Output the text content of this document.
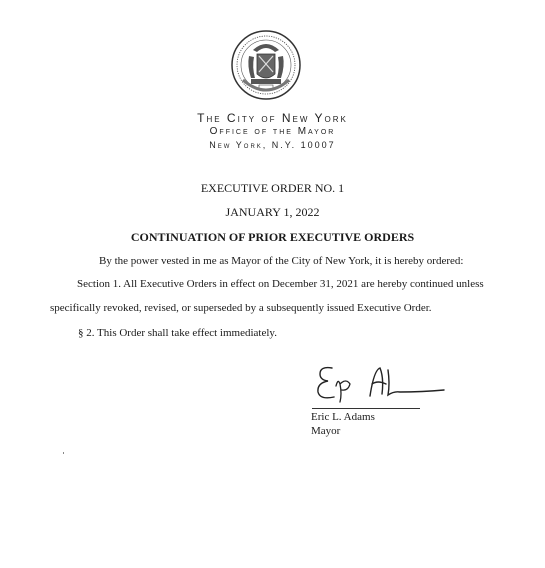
The City of New York
Office of the Mayor
New York, N.Y. 10007
EXECUTIVE ORDER NO. 1
JANUARY 1, 2022
CONTINUATION OF PRIOR EXECUTIVE ORDERS
By the power vested in me as Mayor of the City of New York, it is hereby ordered:
Section 1. All Executive Orders in effect on December 31, 2021 are hereby continued unless
specifically revoked, revised, or superseded by a subsequently issued Executive Order.
§ 2. This Order shall take effect immediately.
Eric L. Adams
Mayor
